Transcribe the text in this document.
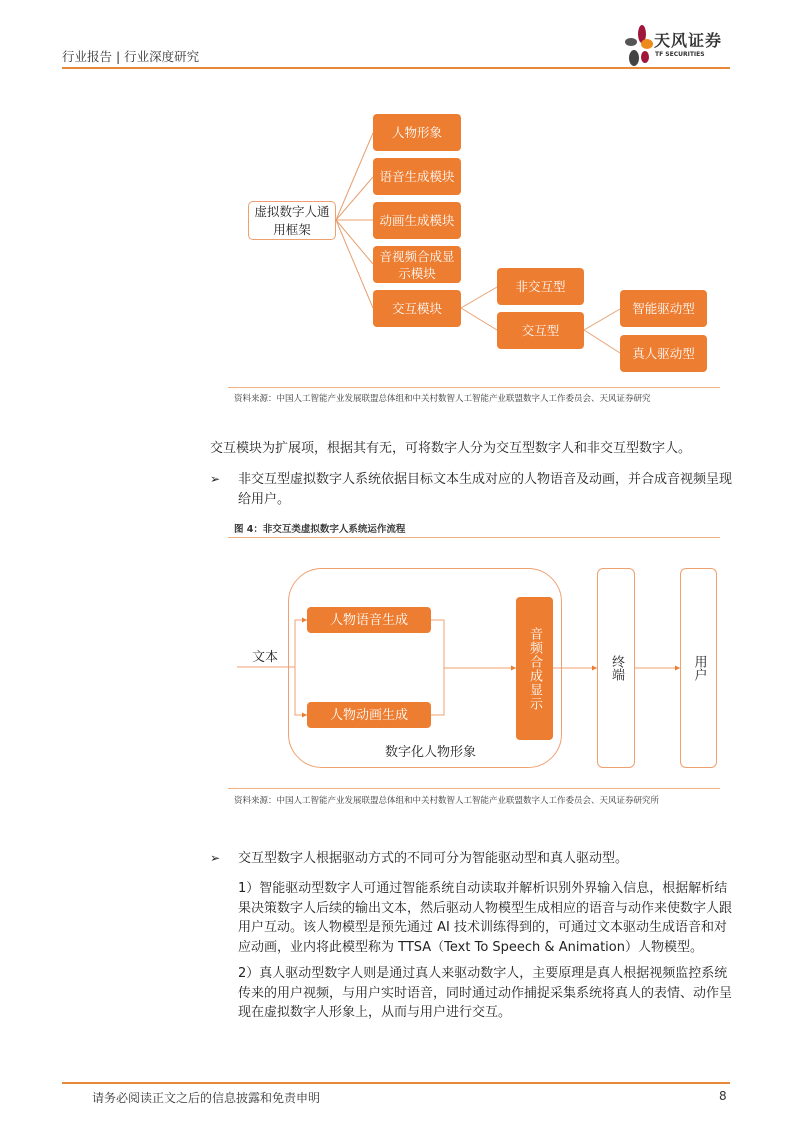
行业报告 | 行业深度研究
天风证券
TF SECURITIES
虚拟数字人通用框架
人物形象
语音生成模块
动画生成模块
音视频合成显示模块
交互模块
非交互型
交互型
智能驱动型
真人驱动型
资料来源：中国人工智能产业发展联盟总体组和中关村数智人工智能产业联盟数字人工作委员会、天风证券研究
交互模块为扩展项，根据其有无，可将数字人分为交互型数字人和非交互型数字人。
➢ 非交互型虚拟数字人系统依据目标文本生成对应的人物语音及动画，并合成音视频呈现给用户。
图 4：非交互类虚拟数字人系统运作流程
文本
人物语音生成
人物动画生成
音频合成显示
数字化人物形象
终端	用户
资料来源：中国人工智能产业发展联盟总体组和中关村数智人工智能产业联盟数字人工作委员会、天风证券研究所
➢ 交互型数字人根据驱动方式的不同可分为智能驱动型和真人驱动型。
1）智能驱动型数字人可通过智能系统自动读取并解析识别外界输入信息，根据解析结果决策数字人后续的输出文本，然后驱动人物模型生成相应的语音与动作来使数字人跟用户互动。该人物模型是预先通过 AI 技术训练得到的，可通过文本驱动生成语音和对应动画，业内将此模型称为 TTSA（Text To Speech & Animation）人物模型。
2）真人驱动型数字人则是通过真人来驱动数字人，主要原理是真人根据视频监控系统传来的用户视频，与用户实时语音，同时通过动作捕捉采集系统将真人的表情、动作呈现在虚拟数字人形象上，从而与用户进行交互。
请务必阅读正文之后的信息披露和免责申明	8
